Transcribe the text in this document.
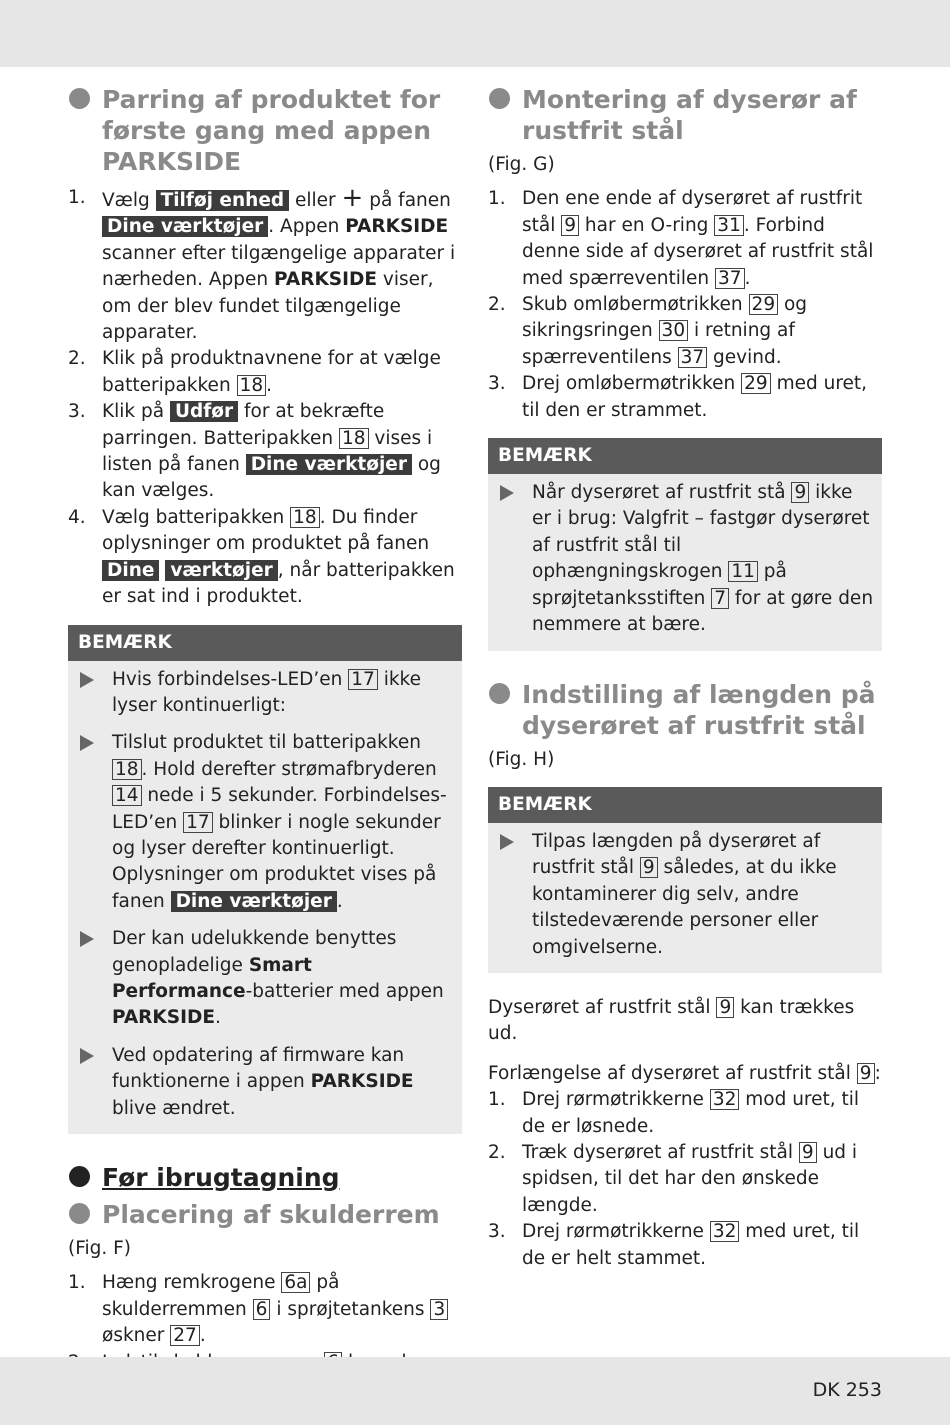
Parring af produktet for første gang med appen PARKSIDE
1. Vælg Tilføj enhed eller + på fanen Dine værktøjer . Appen PARKSIDE scanner efter tilgængelige apparater i nærheden. Appen PARKSIDE viser, om der blev fundet tilgængelige apparater.
2. Klik på produktnavnene for at vælge batteripakken 18 .
3. Klik på Udfør for at bekræfte parringen. Batteripakken 18 vises i listen på fanen Dine værktøjer og kan vælges.
4. Vælg batteripakken 18 . Du finder oplysninger om produktet på fanen Dine værktøjer , når batteripakken er sat ind i produktet.
BEMÆRK
Hvis forbindelses-LED’en 17 ikke lyser kontinuerligt:
Tilslut produktet til batteripakken 18 . Hold derefter strømafbryderen 14 nede i 5 sekunder. Forbindelses-LED’en 17 blinker i nogle sekunder og lyser derefter kontinuerligt. Oplysninger om produktet vises på fanen Dine værktøjer .
Der kan udelukkende benyttes genopladelige Smart Performance-batterier med appen PARKSIDE.
Ved opdatering af firmware kan funktionerne i appen PARKSIDE blive ændret.
Før ibrugtagning
Placering af skulderrem

(Fig. F)

1. Hæng remkrogene 6a på skulderremmen 6 i sprøjtetankens 3 øskner 27 .
Montering af dyserør af rustfrit stål

(Fig. G)

1. Den ene ende af dyserøret af rustfrit stål 9 har en O-ring 31 . Forbind denne side af dyserøret af rustfrit stål med spærreventilen 37 .
2. Skub omløbermøtrikken 29 og sikringsringen 30 i retning af spærreventilens 37 gevind.
3. Drej omløbermøtrikken 29 med uret, til den er strammet.
BEMÆRK
Når dyserøret af rustfrit stå 9 ikke er i brug: Valgfrit – fastgør dyserøret af rustfrit stål til ophængningskrogen 11 på sprøjtetanksstiften 7 for at gøre den nemmere at bære.
Indstilling af længden på dyserøret af rustfrit stål

(Fig. H)

BEMÆRK
Tilpas længden på dyserøret af rustfrit stål 9 således, at du ikke kontaminerer dig selv, andre tilstedeværende personer eller omgivelserne.

Dyserøret af rustfrit stål 9 kan trækkes ud.

Forlængelse af dyserøret af rustfrit stål 9 :

1. Drej rørmøtrikkerne 32 mod uret, til de er løsnede.
2. Træk dyserøret af rustfrit stål 9 ud i spidsen, til det har den ønskede længde.
3. Drej rørmøtrikkerne 32 med uret, til de er helt stammet.
DK 253
